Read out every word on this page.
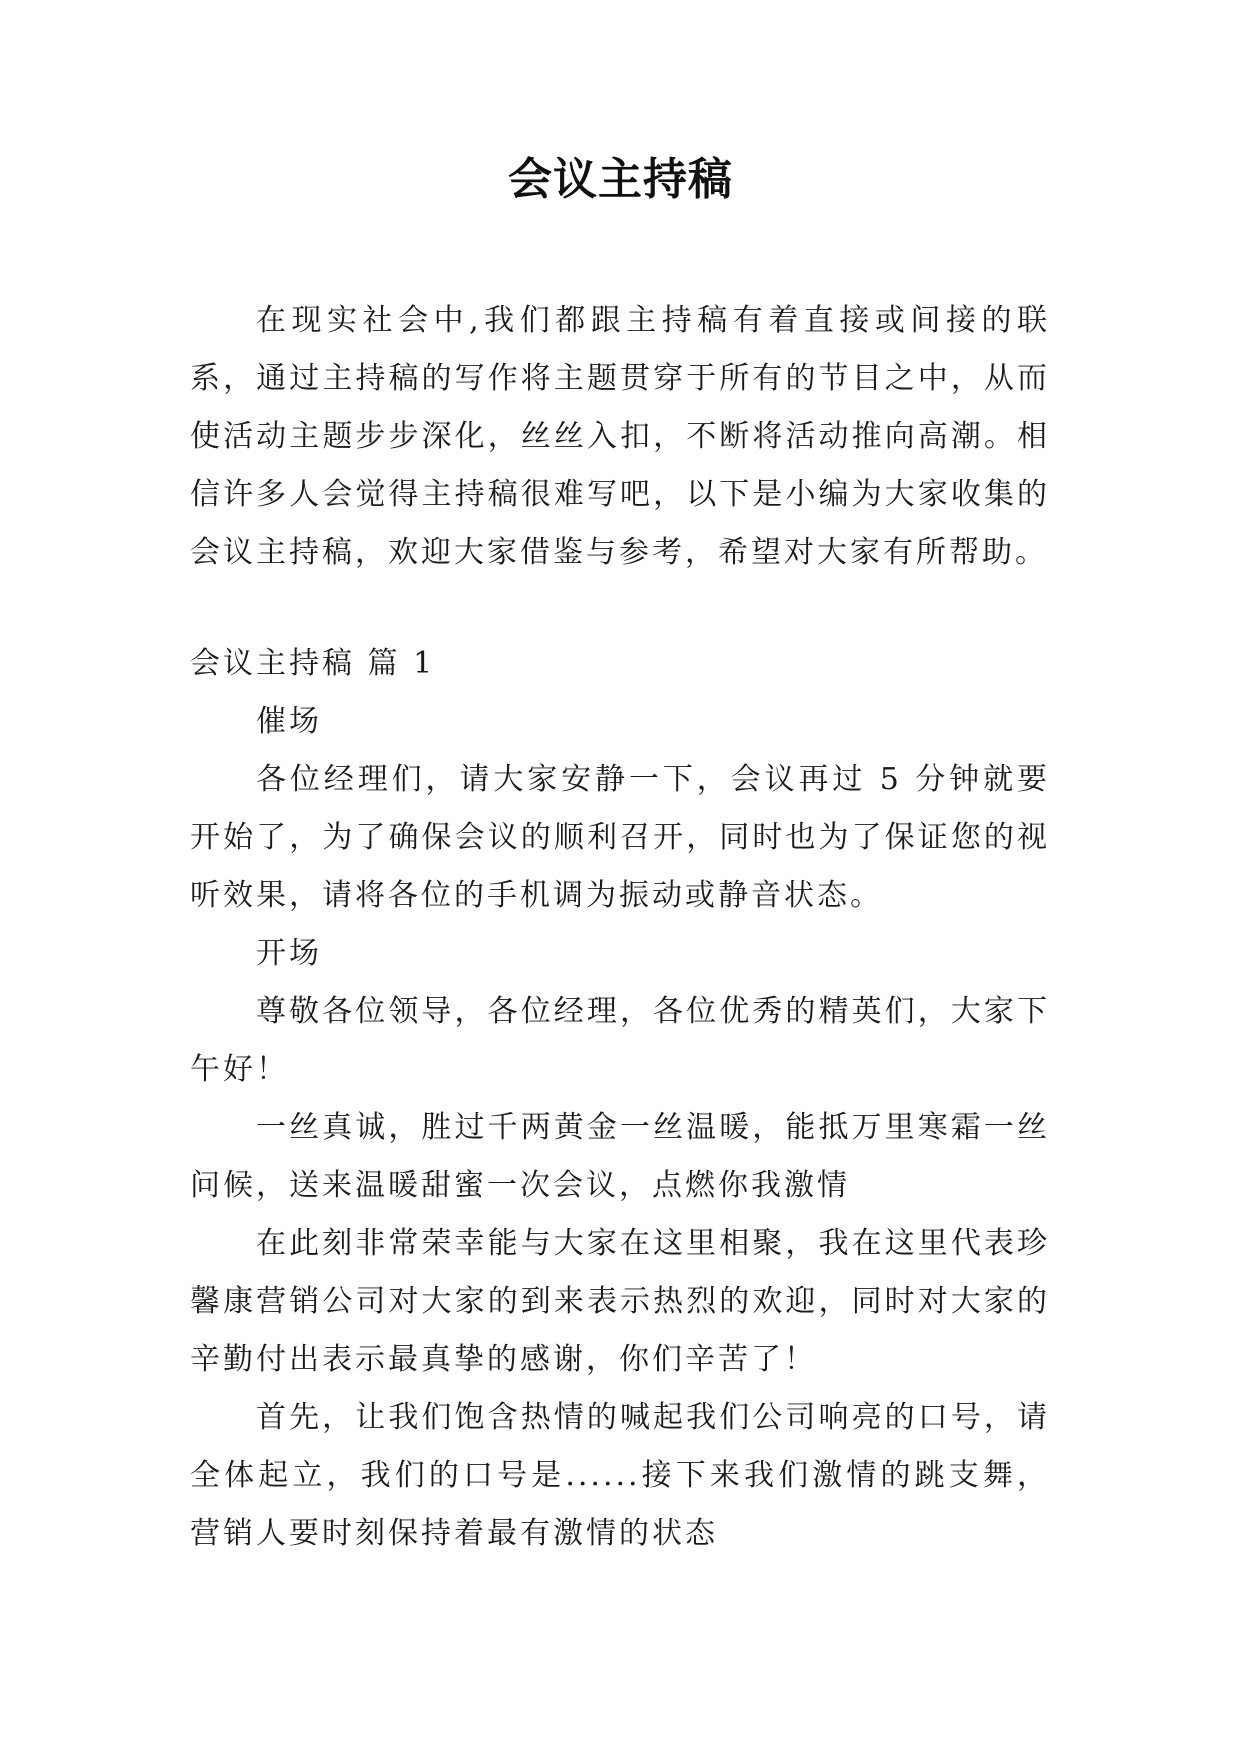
会议主持稿

在现实社会中,我们都跟主持稿有着直接或间接的联系，通过主持稿的写作将主题贯穿于所有的节目之中，从而使活动主题步步深化，丝丝入扣，不断将活动推向高潮。相信许多人会觉得主持稿很难写吧，以下是小编为大家收集的会议主持稿，欢迎大家借鉴与参考，希望对大家有所帮助。

会议主持稿 篇 1

催场

各位经理们，请大家安静一下，会议再过 5 分钟就要开始了，为了确保会议的顺利召开，同时也为了保证您的视听效果，请将各位的手机调为振动或静音状态。

开场

尊敬各位领导，各位经理，各位优秀的精英们，大家下午好！

一丝真诚，胜过千两黄金一丝温暖，能抵万里寒霜一丝问候，送来温暖甜蜜一次会议，点燃你我激情

在此刻非常荣幸能与大家在这里相聚，我在这里代表珍馨康营销公司对大家的到来表示热烈的欢迎，同时对大家的辛勤付出表示最真挚的感谢，你们辛苦了！

首先，让我们饱含热情的喊起我们公司响亮的口号，请全体起立，我们的口号是......接下来我们激情的跳支舞，营销人要时刻保持着最有激情的状态
